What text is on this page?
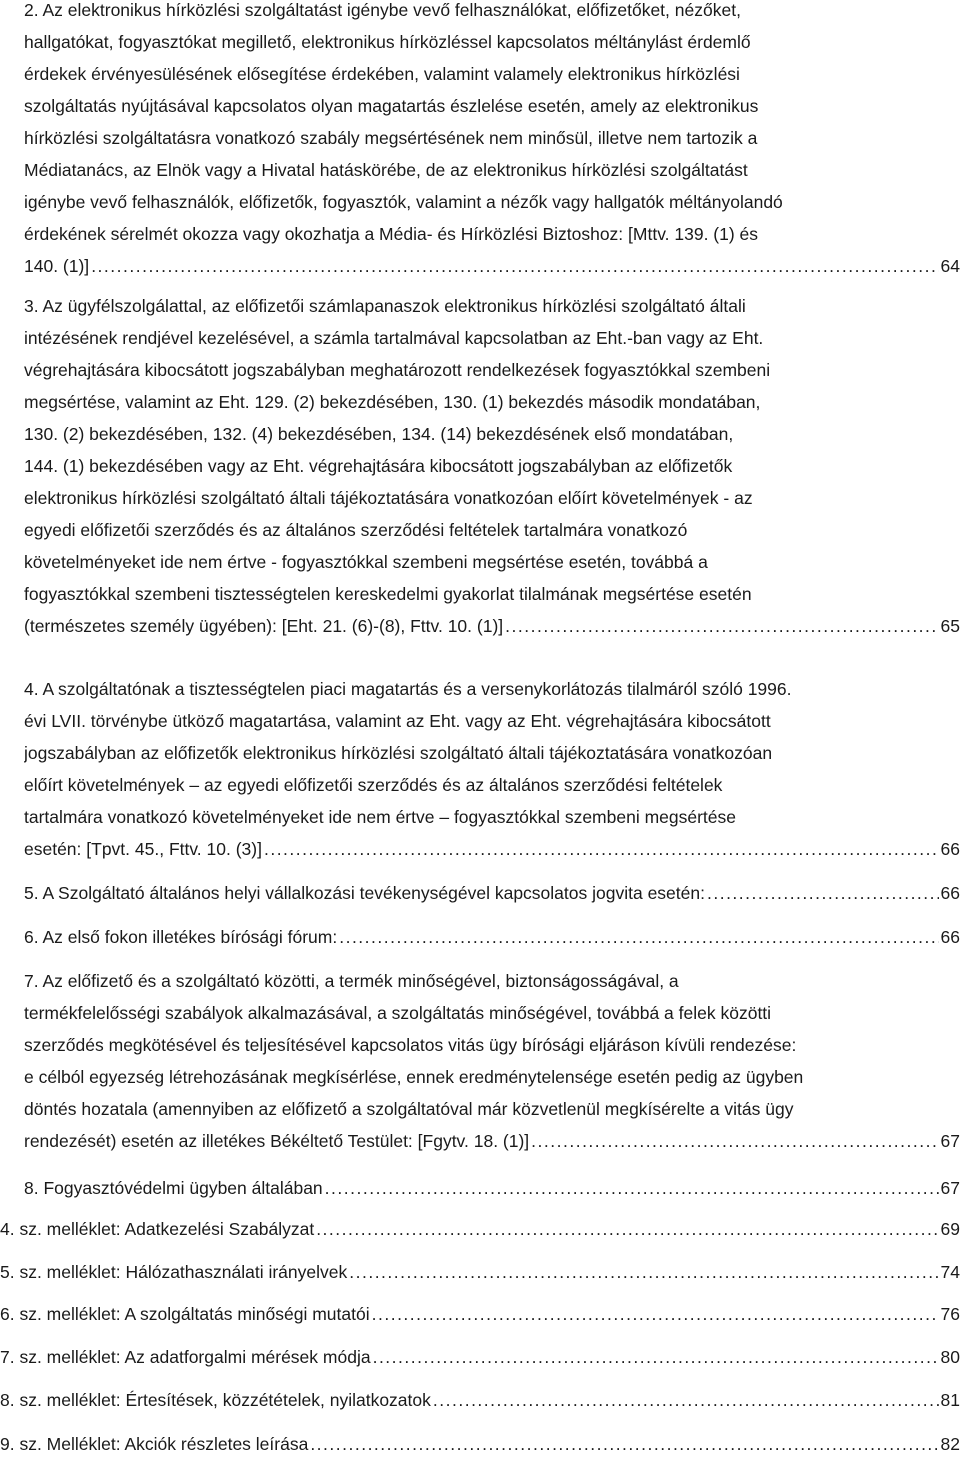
2. Az elektronikus hírközlési szolgáltatást igénybe vevő felhasználókat, előfizetőket, nézőket,
hallgatókat, fogyasztókat megillető, elektronikus hírközléssel kapcsolatos méltánylást érdemlő
érdekek érvényesülésének elősegítése érdekében, valamint valamely elektronikus hírközlési
szolgáltatás nyújtásával kapcsolatos olyan magatartás észlelése esetén, amely az elektronikus
hírközlési szolgáltatásra vonatkozó szabály megsértésének nem minősül, illetve nem tartozik a
Médiatanács, az Elnök vagy a Hivatal hatáskörébe, de az elektronikus hírközlési szolgáltatást
igénybe vevő felhasználók, előfizetők, fogyasztók, valamint a nézők vagy hallgatók méltányolandó
érdekének sérelmét okozza vagy okozhatja a Média- és Hírközlési Biztoshoz: [Mttv. 139. (1) és
140. (1)] .....	64
3. Az ügyfélszolgálattal, az előfizetői számlapanaszok elektronikus hírközlési szolgáltató általi
intézésének rendjével kezelésével, a számla tartalmával kapcsolatban az Eht.-ban vagy az Eht.
végrehajtására kibocsátott jogszabályban meghatározott rendelkezések fogyasztókkal szembeni
megsértése, valamint az Eht. 129. (2) bekezdésében, 130. (1) bekezdés második mondatában,
130. (2) bekezdésében, 132. (4) bekezdésében, 134. (14) bekezdésének első mondatában,
144. (1) bekezdésében vagy az Eht. végrehajtására kibocsátott jogszabályban az előfizetők
elektronikus hírközlési szolgáltató általi tájékoztatására vonatkozóan előírt követelmények - az
egyedi előfizetői szerződés és az általános szerződési feltételek tartalmára vonatkozó
követelményeket ide nem értve - fogyasztókkal szembeni megsértése esetén, továbbá a
fogyasztókkal szembeni tisztességtelen kereskedelmi gyakorlat tilalmának megsértése esetén
(természetes személy ügyében): [Eht. 21. (6)-(8), Fttv. 10. (1)] .....	65
4. A szolgáltatónak a tisztességtelen piaci magatartás és a versenykorlátozás tilalmáról szóló 1996.
évi LVII. törvénybe ütköző magatartása, valamint az Eht. vagy az Eht. végrehajtására kibocsátott
jogszabályban az előfizetők elektronikus hírközlési szolgáltató általi tájékoztatására vonatkozóan
előírt követelmények – az egyedi előfizetői szerződés és az általános szerződési feltételek
tartalmára vonatkozó követelményeket ide nem értve – fogyasztókkal szembeni megsértése
esetén: [Tpvt. 45., Fttv. 10. (3)] .....	66
5. A Szolgáltató általános helyi vállalkozási tevékenységével kapcsolatos jogvita esetén: .....	66
6. Az első fokon illetékes bírósági fórum: .....	66
7. Az előfizető és a szolgáltató közötti, a termék minőségével, biztonságosságával, a
termékfelelősségi szabályok alkalmazásával, a szolgáltatás minőségével, továbbá a felek közötti
szerződés megkötésével és teljesítésével kapcsolatos vitás ügy bírósági eljáráson kívüli rendezése:
e célból egyezség létrehozásának megkísérlése, ennek eredménytelensége esetén pedig az ügyben
döntés hozatala (amennyiben az előfizető a szolgáltatóval már közvetlenül megkísérelte a vitás ügy
rendezését) esetén az illetékes Békéltető Testület: [Fgytv. 18. (1)] .....	67
8. Fogyasztóvédelmi ügyben általában .....	67
4. sz. melléklet: Adatkezelési Szabályzat .....	69
5. sz. melléklet: Hálózathasználati irányelvek .....	74
6. sz. melléklet: A szolgáltatás minőségi mutatói .....	76
7. sz. melléklet: Az adatforgalmi mérések módja .....	80
8. sz. melléklet: Értesítések, közzétételek, nyilatkozatok .....	81
9. sz. Melléklet: Akciók részletes leírása .....	82
